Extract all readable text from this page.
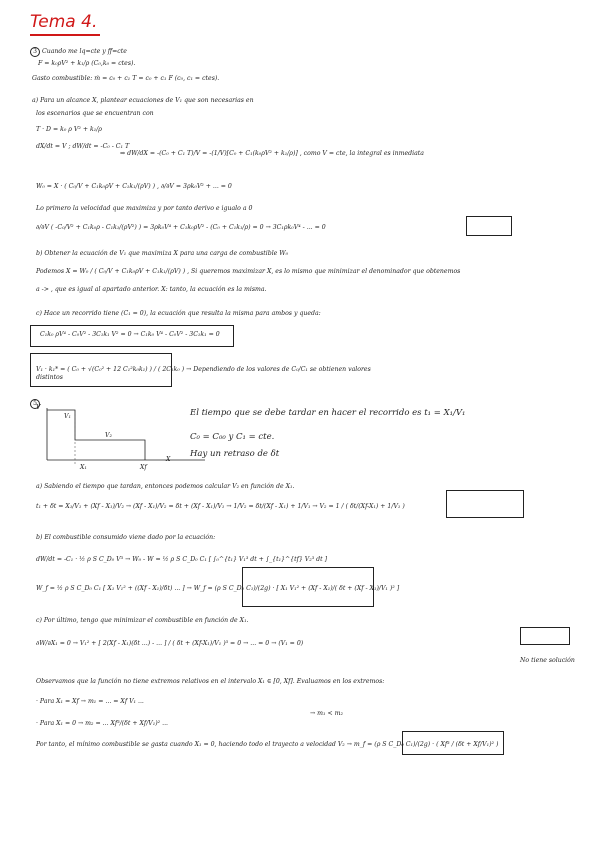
Tema 4.
3 Cuando me lq=cte y ff=cte
F = k₀ρV² + k₁/ρ (C₀,k₀ = ctes).
Gasto combustible: ṁ = c₀ + c₁ T = c₀ + c₁ F (c₀, c₁ = ctes).
a) Para un alcance X, plantear ecuaciones de V₁ que son necesarias en
los escenarios que se encuentran con
T · D = k₀ ρ V² + k₁/ρ
dX/dt = V ; dW/dt = -C₀ - C₁ T
⇒ dW/dX = -(C₀ + C₁ T)/V = -(1/V)[C₀ + C₁(k₀ρV² + k₁/ρ)] , como V = cte, la integral es inmediata
W₀ = X · ( C₀/V + C₁k₀ρV + C₁k₁/(ρV) ) , ∂/∂V = 3ρk₀V² + ... = 0
Lo primero la velocidad que maximiza y por tanto derivo e igualo a 0
∂/∂V ( -C₀/V² + C₁k₀ρ - C₁k₁/(ρV²) ) = 3ρk₀V⁴ + C₁k₀ρV² - (C₀ + C₁k₁/ρ) = 0 → 3C₁ρk₀V⁴ - ... = 0
b) Obtener la ecuación de V₁ que maximiza X para una carga de combustible W₀
Podemos X = W₀ / ( C₀/V + C₁k₀ρV + C₁k₁/(ρV) ) , Si queremos maximizar X, es lo mismo que minimizar el denominador que obtenemos
a -> , que es igual al apartado anterior. X: tanto, la ecuación es la misma.
c) Hace un recorrido tiene (C₁ = 0), la ecuación que resulta la misma para ambos y queda:
C₁k₀ ρV⁴ - C₀V² - 3C₁k₁ V² = 0 → C₁k₀ V⁴ - C₀V² - 3C₁k₁ = 0
V₁ · k₁* = ( C₀ + √(C₀² + 12 C₁²k₀k₁) ) / ( 2C₁k₀ ) → Dependiendo de los valores de C₀/C₁ se obtienen valores distintos
5
V
V₁
V₂
X₁	Xf
X
El tiempo que se debe tardar en hacer el recorrido es t₁ = X₁/V₁
C₀ = C₀₀ y C₁ = cte.
Hay un retraso de δt
a) Sabiendo el tiempo que tardan, entonces podemos calcular V₂ en función de X₁.
t₁ + δt = X₁/V₁ + (Xf - X₁)/V₂ → (Xf - X₁)/V₂ = δt + (Xf - X₁)/V₁ → 1/V₂ = δt/(Xf - X₁) + 1/V₁ → V₂ = 1 / ( δt/(Xf-X₁) + 1/V₁ )
b) El combustible consumido viene dado por la ecuación:
dW/dt = -C₁ · ½ ρ S C_D₀ V³ → W₀ - W = ½ ρ S C_D₀ C₁ [ ∫₀^{t₁} V₁³ dt + ∫_{t₁}^{tf} V₂³ dt ]
W_f = ½ ρ S C_D₀ C₁ [ X₁ V₁² + ((Xf - X₁)/δt) ... ] → W_f = (ρ S C_D₀ C₁)/(2g) · [ X₁ V₁² + (Xf - X₁)/( δt + (Xf - X₁)/V₁ )² ]
c) Por último, tengo que minimizar el combustible en función de X₁.
∂W/∂X₁ = 0 → V₁² + [ 2(Xf - X₁)(δt ...) - ... ] / ( δt + (Xf-X₁)/V₁ )³ = 0 → ... = 0 → (V₁ = 0)
No tiene solución
Observamos que la función no tiene extremos relativos en el intervalo X₁ ∈ [0, Xf]. Evaluamos en los extremos:
· Para X₁ = Xf → m₁ = ... = Xf V₁ ...
· Para X₁ = 0 → m₂ = ... Xf³/(δt + Xf/V₁)² ...
→ m₁ < m₂
Por tanto, el mínimo combustible se gasta cuando X₁ = 0, haciendo todo el trayecto a velocidad V₂ → m_f = (ρ S C_D₀ C₁)/(2g) · ( Xf³ / (δt + Xf/V₁)² )
